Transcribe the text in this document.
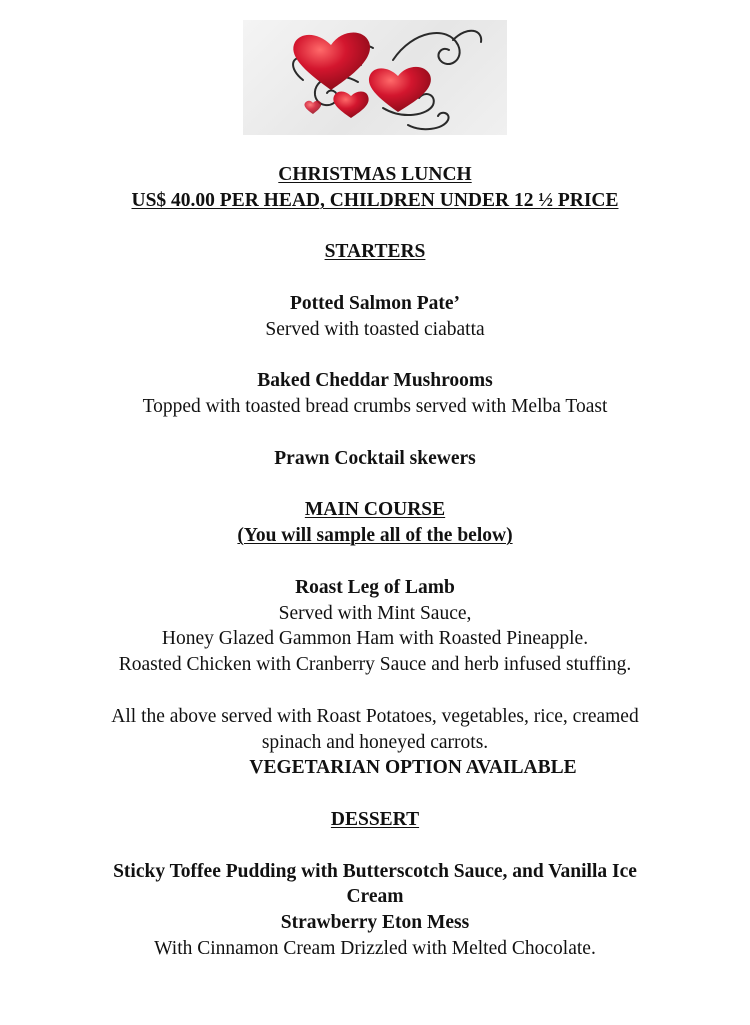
CHRISTMAS LUNCH
US$ 40.00 PER HEAD, CHILDREN UNDER 12 ½ PRICE
STARTERS
Potted Salmon Pate’
Served with toasted ciabatta
Baked Cheddar Mushrooms
Topped with toasted bread crumbs served with Melba Toast
Prawn Cocktail skewers
MAIN COURSE
(You will sample all of the below)
Roast Leg of Lamb
Served with Mint Sauce,
Honey Glazed Gammon Ham with Roasted Pineapple.
Roasted Chicken with Cranberry Sauce and herb infused stuffing.
All the above served with Roast Potatoes, vegetables, rice, creamed
spinach and honeyed carrots.
VEGETARIAN OPTION AVAILABLE
DESSERT
Sticky Toffee Pudding with Butterscotch Sauce, and Vanilla Ice
Cream
Strawberry Eton Mess
With Cinnamon Cream Drizzled with Melted Chocolate.
